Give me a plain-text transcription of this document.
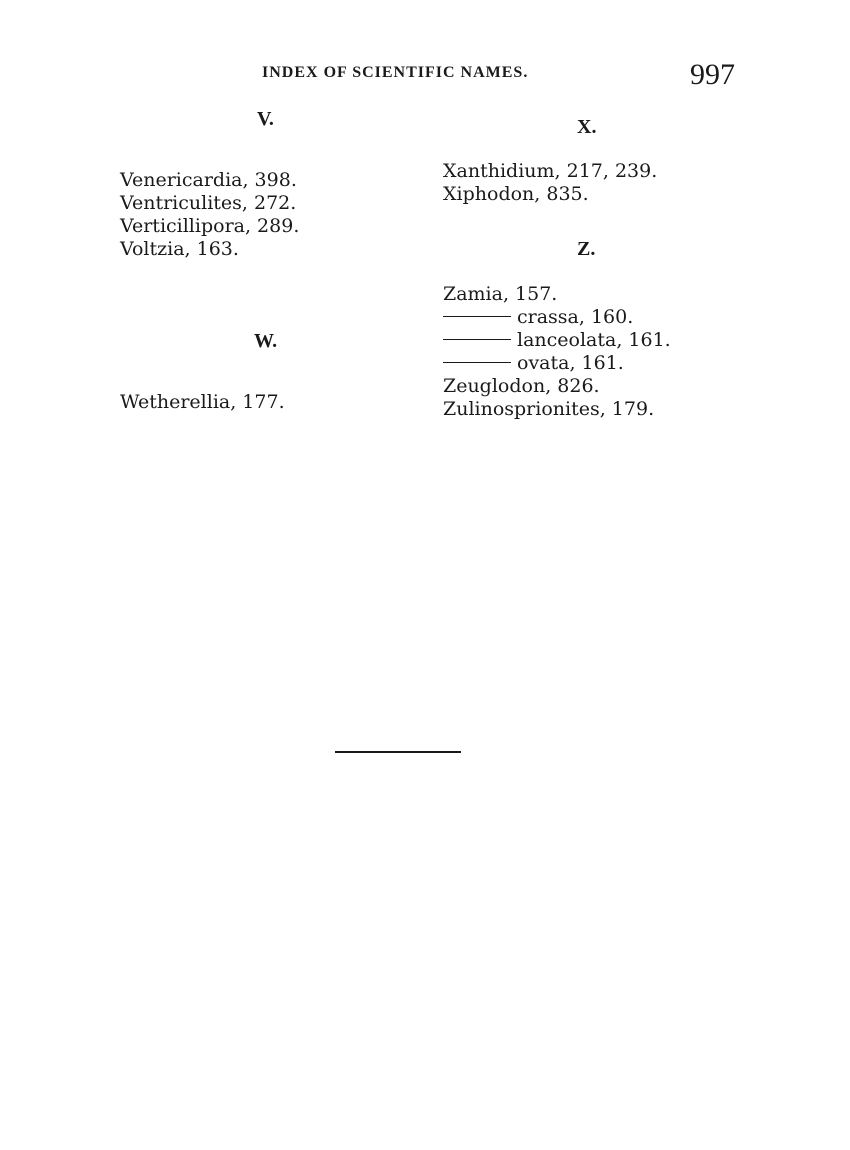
INDEX OF SCIENTIFIC NAMES.	997
V.
Venericardia, 398.
Ventriculites, 272.
Verticillipora, 289.
Voltzia, 163.
W.
Wetherellia, 177.
X.
Xanthidium, 217, 239.
Xiphodon, 835.
Z.
Zamia, 157.
crassa, 160.
lanceolata, 161.
ovata, 161.
Zeuglodon, 826.
Zulinosprionites, 179.
